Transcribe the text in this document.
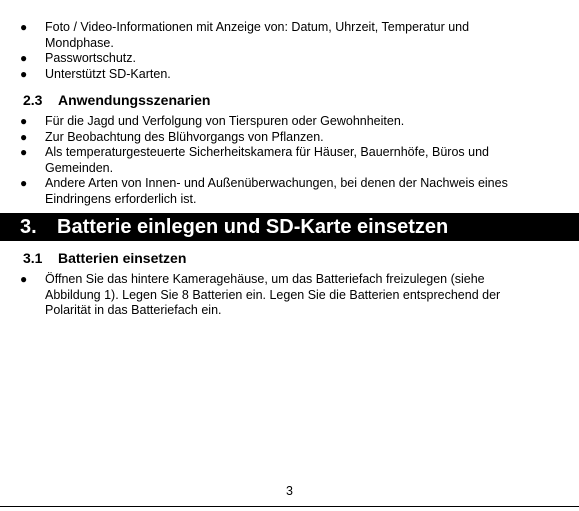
● Foto / Video-Informationen mit Anzeige von: Datum, Uhrzeit, Temperatur und Mondphase.
● Passwortschutz.
● Unterstützt SD-Karten.
2.3 Anwendungsszenarien
● Für die Jagd und Verfolgung von Tierspuren oder Gewohnheiten.
● Zur Beobachtung des Blühvorgangs von Pflanzen.
● Als temperaturgesteuerte Sicherheitskamera für Häuser, Bauernhöfe, Büros und Gemeinden.
● Andere Arten von Innen- und Außenüberwachungen, bei denen der Nachweis eines Eindringens erforderlich ist.
3. Batterie einlegen und SD-Karte einsetzen
3.1 Batterien einsetzen
● Öffnen Sie das hintere Kameragehäuse, um das Batteriefach freizulegen (siehe Abbildung 1). Legen Sie 8 Batterien ein. Legen Sie die Batterien entsprechend der Polarität in das Batteriefach ein.
3
